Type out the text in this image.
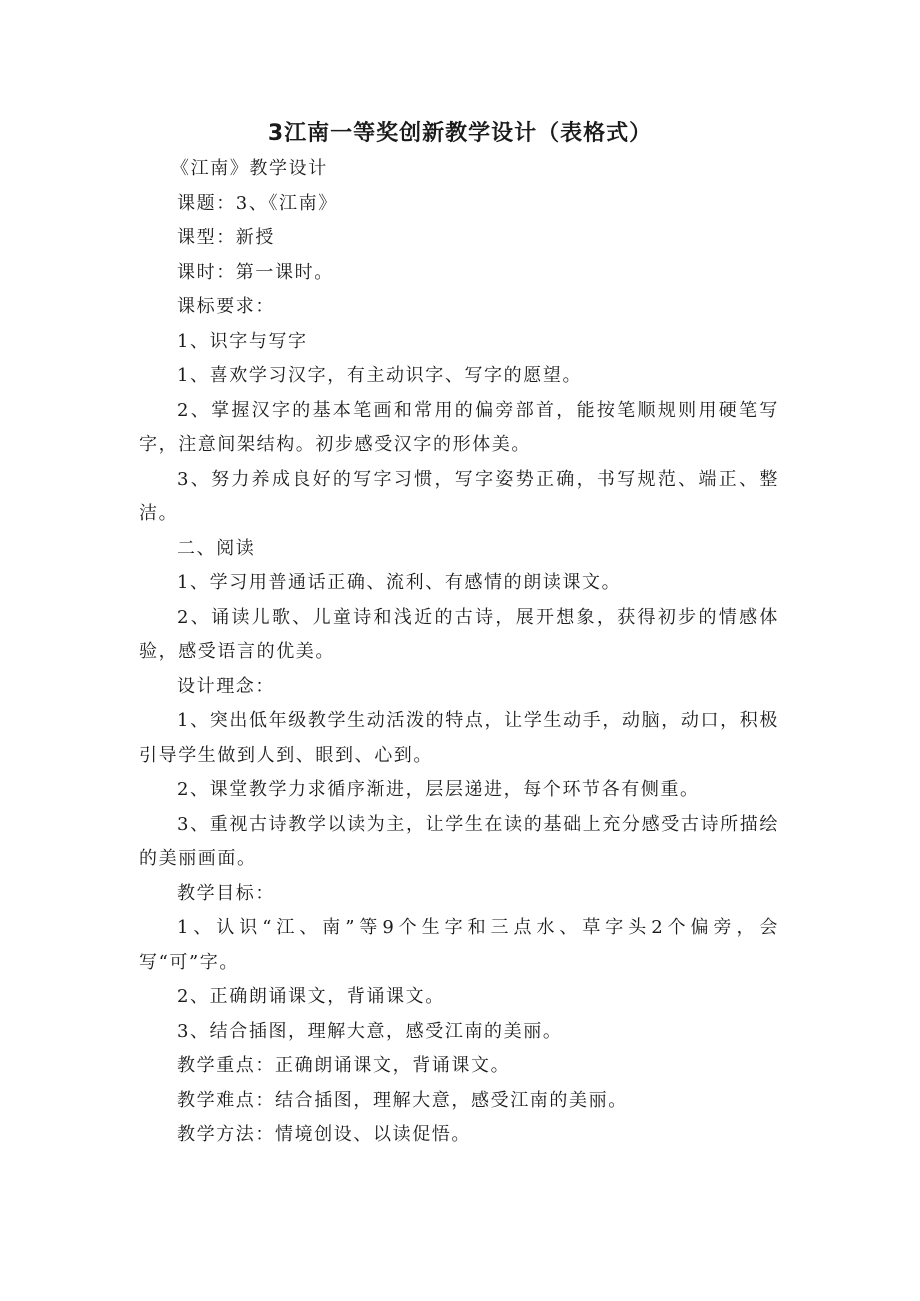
3江南一等奖创新教学设计（表格式）

《江南》教学设计

课题：3、《江南》

课型：新授

课时：第一课时。

课标要求：

1、识字与写字

1、喜欢学习汉字，有主动识字、写字的愿望。

2、掌握汉字的基本笔画和常用的偏旁部首，能按笔顺规则用硬笔写字，注意间架结构。初步感受汉字的形体美。

3、努力养成良好的写字习惯，写字姿势正确，书写规范、端正、整洁。

二、阅读

1、学习用普通话正确、流利、有感情的朗读课文。

2、诵读儿歌、儿童诗和浅近的古诗，展开想象，获得初步的情感体验，感受语言的优美。

设计理念：

1、突出低年级教学生动活泼的特点，让学生动手，动脑，动口，积极引导学生做到人到、眼到、心到。

2、课堂教学力求循序渐进，层层递进，每个环节各有侧重。

3、重视古诗教学以读为主，让学生在读的基础上充分感受古诗所描绘的美丽画面。

教学目标：

1、认识“江、南”等9个生字和三点水、草字头2个偏旁，会写“可”字。

2、正确朗诵课文，背诵课文。

3、结合插图，理解大意，感受江南的美丽。

教学重点：正确朗诵课文，背诵课文。

教学难点：结合插图，理解大意，感受江南的美丽。

教学方法：情境创设、以读促悟。
